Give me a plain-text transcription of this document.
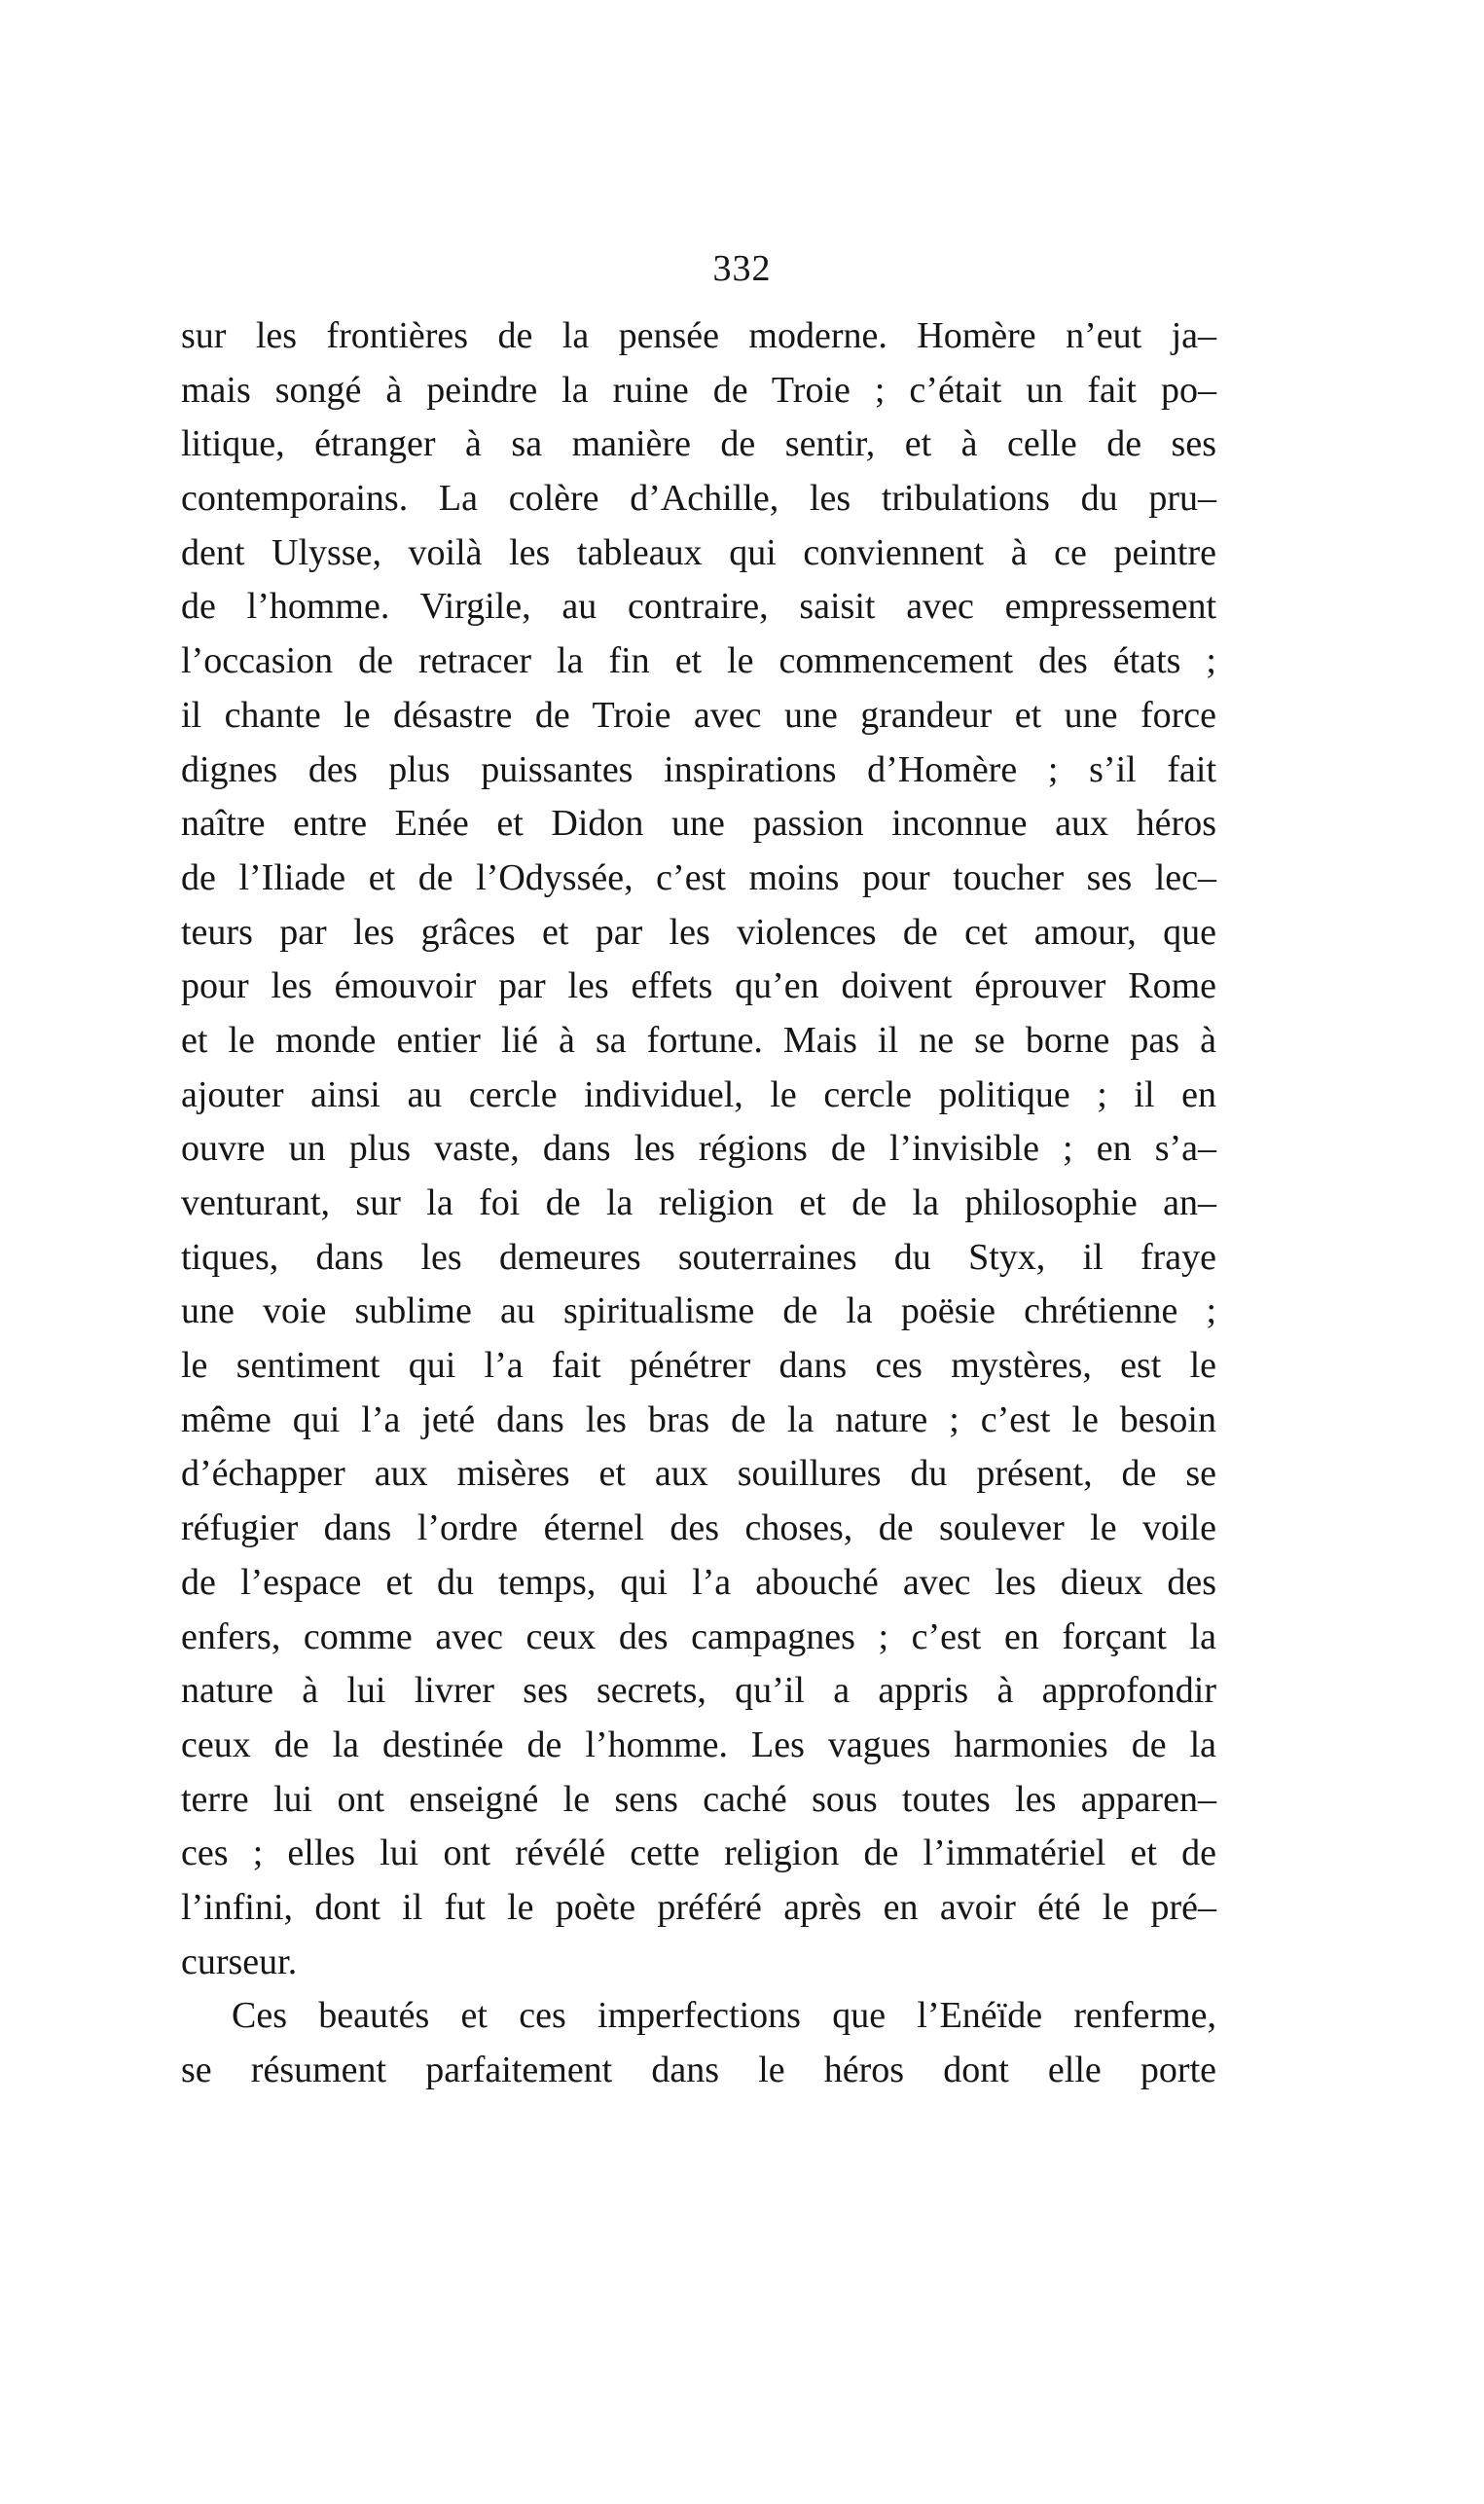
332
sur les frontières de la pensée moderne. Homère n’eut ja–
mais songé à peindre la ruine de Troie ; c’était un fait po–
litique, étranger à sa manière de sentir, et à celle de ses
contemporains. La colère d’Achille, les tribulations du pru–
dent Ulysse, voilà les tableaux qui conviennent à ce peintre
de l’homme. Virgile, au contraire, saisit avec empressement
l’occasion de retracer la fin et le commencement des états ;
il chante le désastre de Troie avec une grandeur et une force
dignes des plus puissantes inspirations d’Homère ; s’il fait
naître entre Enée et Didon une passion inconnue aux héros
de l’Iliade et de l’Odyssée, c’est moins pour toucher ses lec–
teurs par les grâces et par les violences de cet amour, que
pour les émouvoir par les effets qu’en doivent éprouver Rome
et le monde entier lié à sa fortune. Mais il ne se borne pas à
ajouter ainsi au cercle individuel, le cercle politique ; il en
ouvre un plus vaste, dans les régions de l’invisible ; en s’a–
venturant, sur la foi de la religion et de la philosophie an–
tiques, dans les demeures souterraines du Styx, il fraye
une voie sublime au spiritualisme de la poësie chrétienne ;
le sentiment qui l’a fait pénétrer dans ces mystères, est le
même qui l’a jeté dans les bras de la nature ; c’est le besoin
d’échapper aux misères et aux souillures du présent, de se
réfugier dans l’ordre éternel des choses, de soulever le voile
de l’espace et du temps, qui l’a abouché avec les dieux des
enfers, comme avec ceux des campagnes ; c’est en forçant la
nature à lui livrer ses secrets, qu’il a appris à approfondir
ceux de la destinée de l’homme. Les vagues harmonies de la
terre lui ont enseigné le sens caché sous toutes les apparen–
ces ; elles lui ont révélé cette religion de l’immatériel et de
l’infini, dont il fut le poète préféré après en avoir été le pré–
curseur.
Ces beautés et ces imperfections que l’Enéïde renferme,
se résument parfaitement dans le héros dont elle porte
